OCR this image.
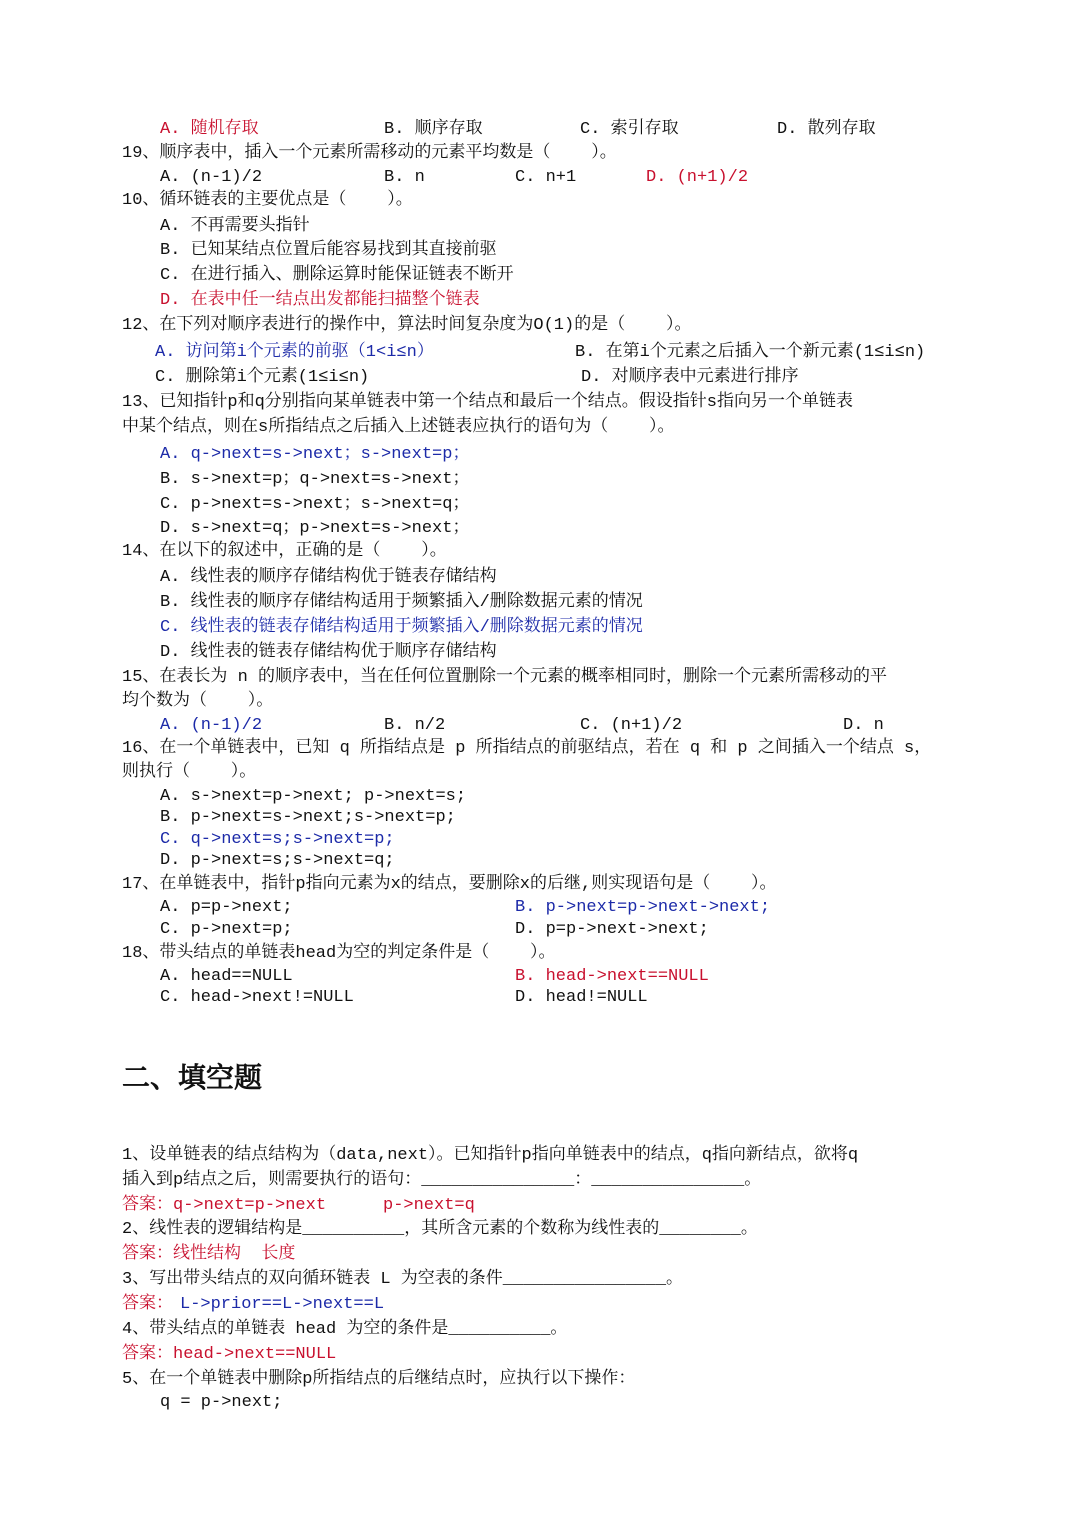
二、填空题
A. 随机存取	B. 顺序存取	C. 索引存取	D. 散列存取
19、顺序表中，插入一个元素所需移动的元素平均数是（    ）。
A. (n-1)/2	B. n	C. n+1	D. (n+1)/2
10、循环链表的主要优点是（    ）。
A. 不再需要头指针
B. 已知某结点位置后能容易找到其直接前驱
C. 在进行插入、删除运算时能保证链表不断开
D. 在表中任一结点出发都能扫描整个链表
12、在下列对顺序表进行的操作中，算法时间复杂度为O(1)的是（    ）。
A. 访问第i个元素的前驱（1<i≤n）	B. 在第i个元素之后插入一个新元素(1≤i≤n)
C. 删除第i个元素(1≤i≤n)	D. 对顺序表中元素进行排序
13、已知指针p和q分别指向某单链表中第一个结点和最后一个结点。假设指针s指向另一个单链表
中某个结点，则在s所指结点之后插入上述链表应执行的语句为（    ）。
A. q->next=s->next；s->next=p；
B. s->next=p；q->next=s->next；
C. p->next=s->next；s->next=q；
D. s->next=q；p->next=s->next；
14、在以下的叙述中，正确的是（    ）。
A. 线性表的顺序存储结构优于链表存储结构
B. 线性表的顺序存储结构适用于频繁插入/删除数据元素的情况
C. 线性表的链表存储结构适用于频繁插入/删除数据元素的情况
D. 线性表的链表存储结构优于顺序存储结构
15、在表长为 n 的顺序表中，当在任何位置删除一个元素的概率相同时，删除一个元素所需移动的平
均个数为（    ）。
A. (n-1)/2	B. n/2	C. (n+1)/2	D. n
16、在一个单链表中，已知 q 所指结点是 p 所指结点的前驱结点，若在 q 和 p 之间插入一个结点 s，
则执行（    ）。
A. s->next=p->next; p->next=s;
B. p->next=s->next;s->next=p;
C. q->next=s;s->next=p;
D. p->next=s;s->next=q;
17、在单链表中，指针p指向元素为x的结点，要删除x的后继,则实现语句是（    ）。
A. p=p->next;	B. p->next=p->next->next;
C. p->next=p;	D. p=p->next->next;
18、带头结点的单链表head为空的判定条件是（    ）。
A. head==NULL	B. head->next==NULL
C. head->next!=NULL	D. head!=NULL
1、设单链表的结点结构为（data,next）。已知指针p指向单链表中的结点，q指向新结点，欲将q
插入到p结点之后，则需要执行的语句：_______________：_______________。
答案：q->next=p->next	p->next=q
2、线性表的逻辑结构是__________，其所含元素的个数称为线性表的________。
答案：线性结构  长度
3、写出带头结点的双向循环链表 L 为空表的条件________________。
答案： L->prior==L->next==L
4、带头结点的单链表 head 为空的条件是__________。
答案：head->next==NULL
5、在一个单链表中删除p所指结点的后继结点时，应执行以下操作：
q = p->next;
